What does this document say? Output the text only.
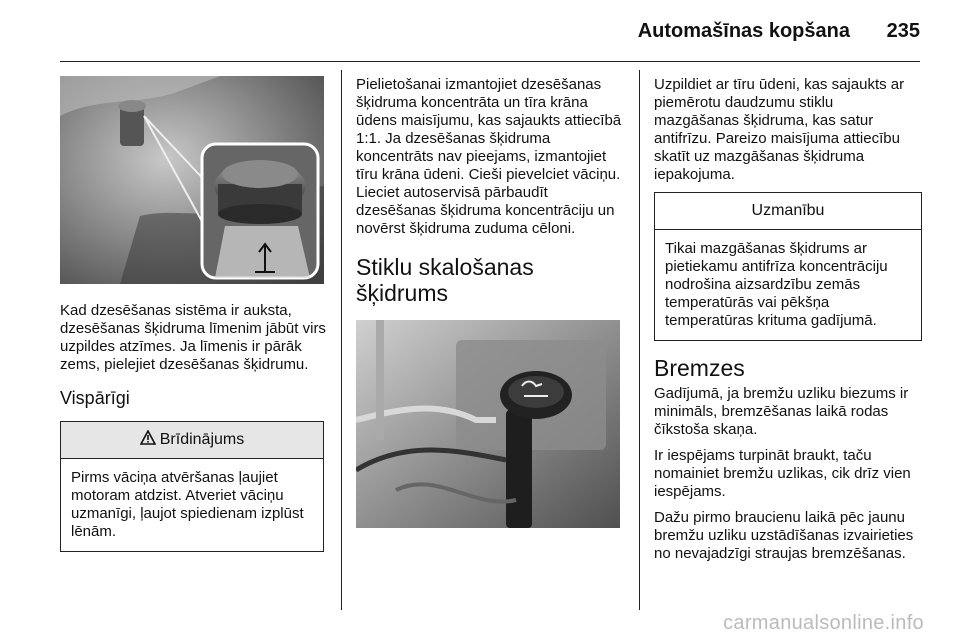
Automašīnas kopšana 235

Kad dzesēšanas sistēma ir auksta, dzesēšanas šķidruma līmenim jābūt virs uzpildes atzīmes. Ja līmenis ir pārāk zems, pielejiet dzesēšanas šķidrumu.

Vispārīgi
Brīdinājums
Pirms vāciņa atvēršanas ļaujiet motoram atdzist. Atveriet vāciņu uzmanīgi, ļaujot spiedienam izplūst lēnām.

Pielietošanai izmantojiet dzesēšanas šķidruma koncentrāta un tīra krāna ūdens maisījumu, kas sajaukts attiecībā 1:1. Ja dzesēšanas šķidruma koncentrāts nav pieejams, izmantojiet tīru krāna ūdeni. Cieši pievelciet vāciņu. Lieciet autoservisā pārbaudīt dzesēšanas šķidruma koncentrāciju un novērst šķidruma zuduma cēloni.

Stiklu skalošanas
šķidrums

Uzpildiet ar tīru ūdeni, kas sajaukts ar piemērotu daudzumu stiklu mazgāšanas šķidruma, kas satur antifrīzu. Pareizo maisījuma attiecību skatīt uz mazgāšanas šķidruma iepakojuma.

Uzmanību
Tikai mazgāšanas šķidrums ar pietiekamu antifrīza koncentrāciju nodrošina aizsardzību zemās temperatūrās vai pēkšņa temperatūras krituma gadījumā.
Bremzes

Gadījumā, ja bremžu uzliku biezums ir minimāls, bremzēšanas laikā rodas čīkstoša skaņa.

Ir iespējams turpināt braukt, taču nomainiet bremžu uzlikas, cik drīz vien iespējams.

Dažu pirmo braucienu laikā pēc jaunu bremžu uzliku uzstādīšanas izvairieties no nevajadzīgi straujas bremzēšanas.

carmanualsonline.info
